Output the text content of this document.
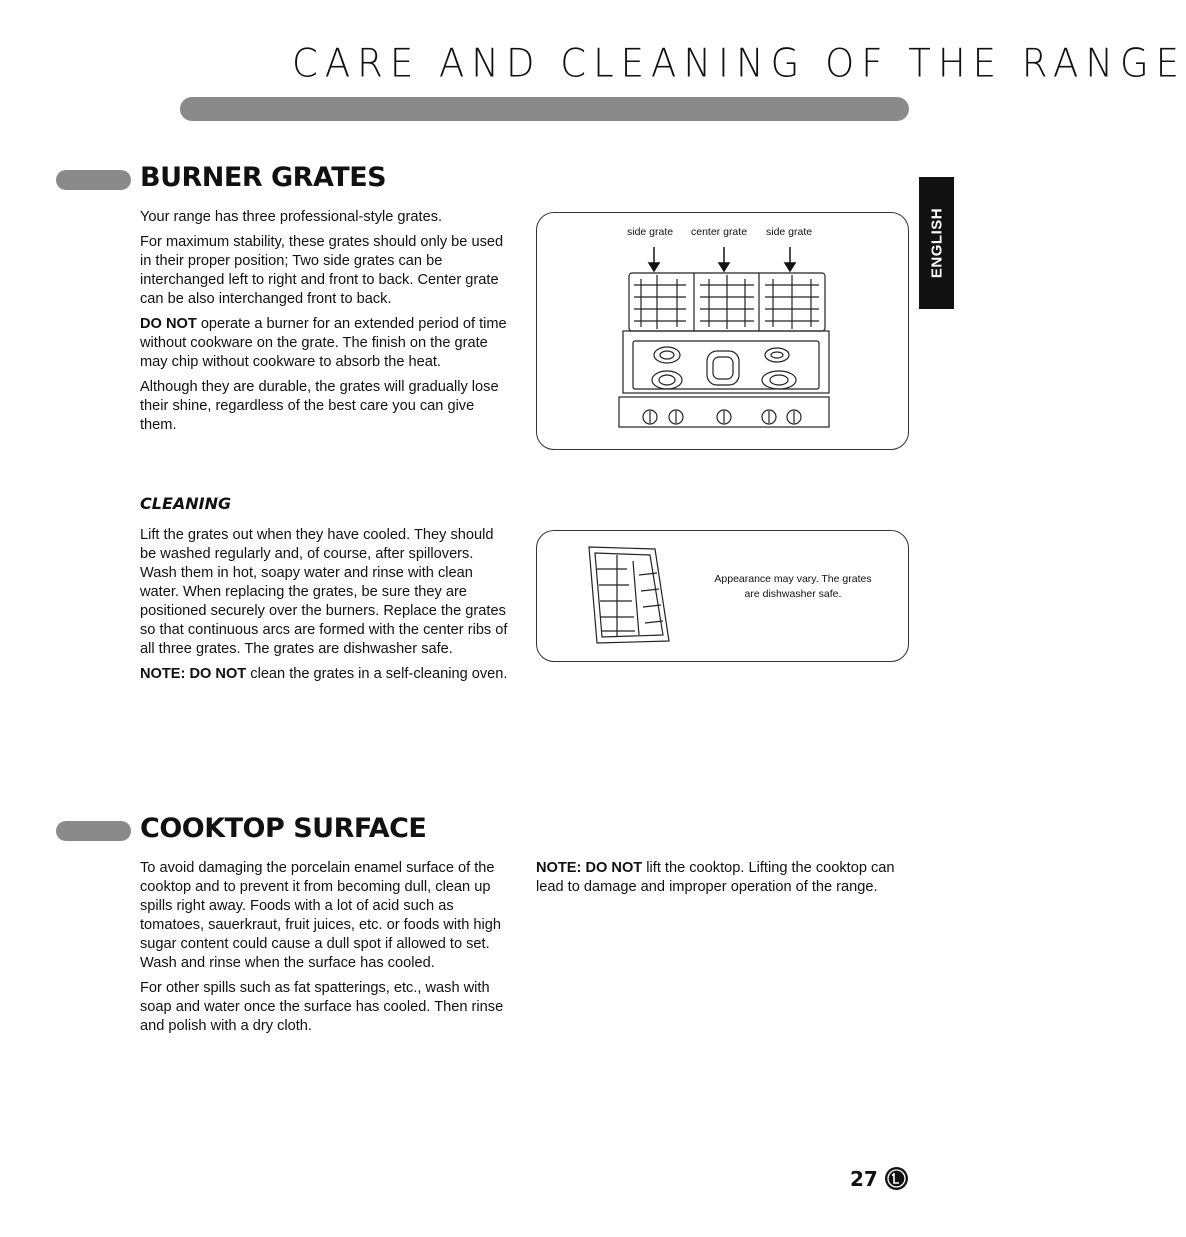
CARE AND CLEANING OF THE RANGE
ENGLISH
BURNER GRATES

Your range has three professional-style grates.

For maximum stability, these grates should only be used in their proper position; Two side grates can be interchanged left to right and front to back. Center grate can be also interchanged front to back.

DO NOT operate a burner for an extended period of time without cookware on the grate. The finish on the grate may chip without cookware to absorb the heat.

Although they are durable, the grates will gradually lose their shine, regardless of the best care you can give them.

side grate center grate side grate
CLEANING

Lift the grates out when they have cooled. They should be washed regularly and, of course, after spillovers. Wash them in hot, soapy water and rinse with clean water. When replacing the grates, be sure they are positioned securely over the burners. Replace the grates so that continuous arcs are formed with the center ribs of all three grates. The grates are dishwasher safe.

NOTE: DO NOT clean the grates in a self-cleaning oven.

Appearance may vary. The grates are dishwasher safe.
COOKTOP SURFACE

To avoid damaging the porcelain enamel surface of the cooktop and to prevent it from becoming dull, clean up spills right away. Foods with a lot of acid such as tomatoes, sauerkraut, fruit juices, etc. or foods with high sugar content could cause a dull spot if allowed to set. Wash and rinse when the surface has cooled.

For other spills such as fat spatterings, etc., wash with soap and water once the surface has cooled. Then rinse and polish with a dry cloth.

NOTE: DO NOT lift the cooktop. Lifting the cooktop can lead to damage and improper operation of the range.

27
